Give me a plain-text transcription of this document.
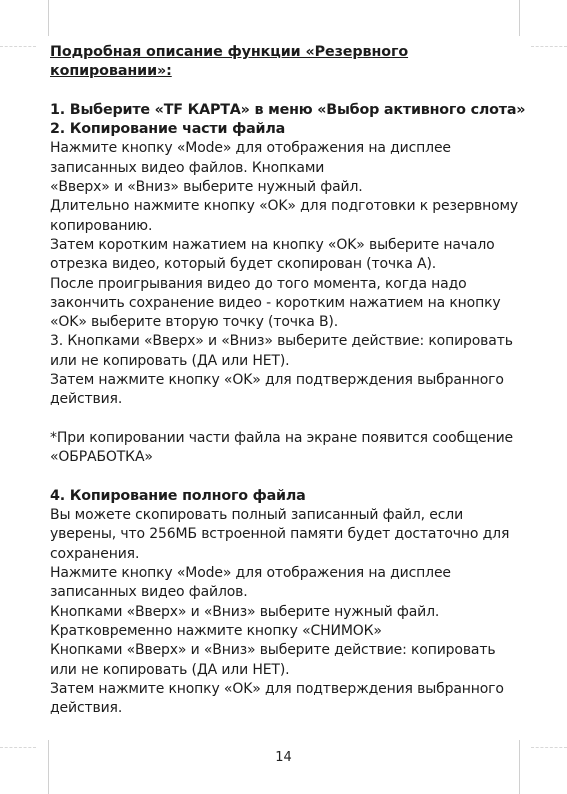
Подробная описание функции «Резервного

копировании»:

1. Выберите «TF КАРТА» в меню «Выбор активного слота»

2. Копирование части файла

Нажмите кнопку «Mode» для отображения на дисплее

записанных видео файлов. Кнопками

«Вверх» и «Вниз» выберите нужный файл.

Длительно нажмите кнопку «OK» для подготовки к резервному

копированию.

Затем коротким нажатием на кнопку «OK» выберите начало

отрезка видео, который будет скопирован (точка А).

После проигрывания видео до того момента, когда надо

закончить сохранение видео - коротким нажатием на кнопку

«OK» выберите вторую точку (точка B).

3. Кнопками «Вверх» и «Вниз» выберите действие: копировать

или не копировать (ДА или НЕТ).

Затем нажмите кнопку «OK» для подтверждения выбранного

действия.

*При копировании части файла на экране появится сообщение

«ОБРАБОТКА»

4. Копирование полного файла

Вы можете скопировать полный записанный файл, если

уверены, что 256МБ встроенной памяти будет достаточно для

сохранения.

Нажмите кнопку «Mode» для отображения на дисплее

записанных видео файлов.

Кнопками «Вверх» и «Вниз» выберите нужный файл.

Кратковременно нажмите кнопку «СНИМОК»

Кнопками «Вверх» и «Вниз» выберите действие: копировать

или не копировать (ДА или НЕТ).

Затем нажмите кнопку «OK» для подтверждения выбранного

действия.

14
